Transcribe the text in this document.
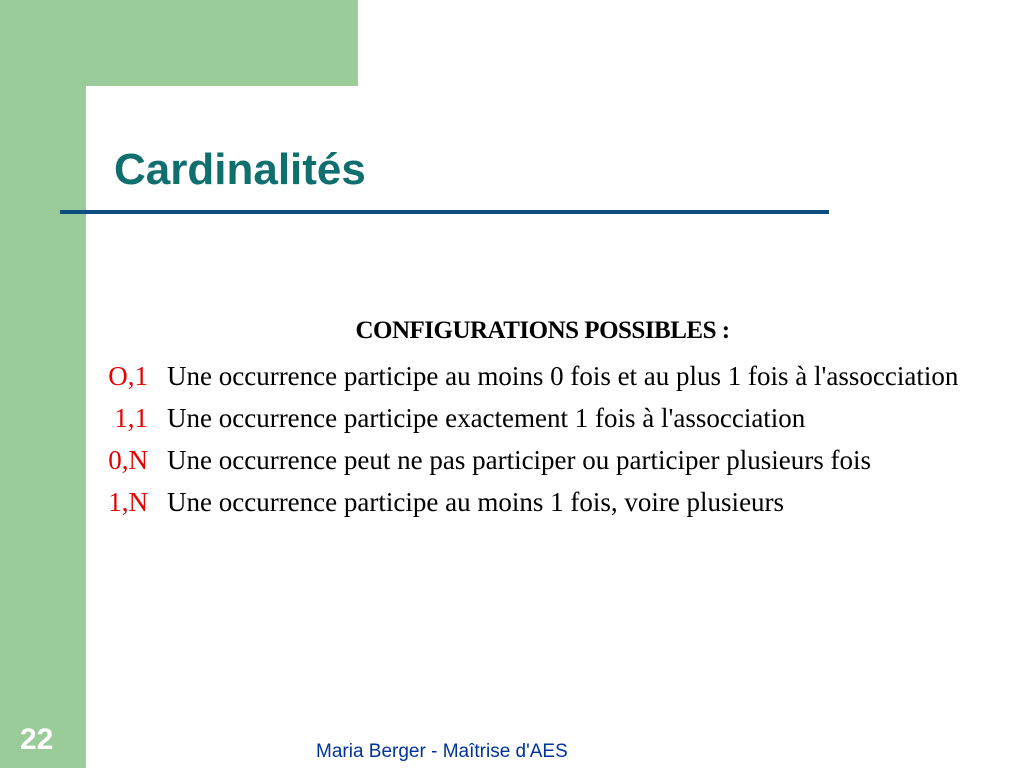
Cardinalités
CONFIGURATIONS POSSIBLES :
O,1 Une occurrence participe au moins 0 fois et au plus 1 fois à l'assocciation
1,1 Une occurrence participe exactement 1 fois à l'assocciation
0,N Une occurrence peut ne pas participer ou participer plusieurs fois
1,N Une occurrence participe au moins 1 fois, voire plusieurs
22	Maria Berger - Maîtrise d'AES
